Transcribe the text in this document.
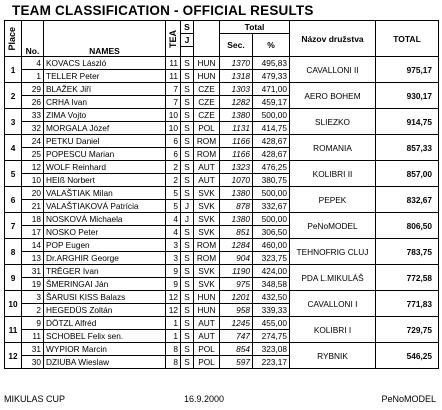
TEAM CLASSIFICATION - OFFICIAL RESULTS
Place	No.	NAMES	TEA	S		Total		Názov družstva	TOTAL
				J		Sec.	%		

1	4	KOVACS László	11	S	HUN	1370	495,83	CAVALLONI II	975,17
	1	TELLER Peter	11	S	HUN	1318	479,33		
2	29	BLAŽEK Jiří	7	S	CZE	1303	471,00	AERO BOHEM	930,17
	26	CRHA Ivan	7	S	CZE	1282	459,17		
3	33	ZIMA Vojto	10	S	CZE	1380	500,00	SLIEZKO	914,75
	32	MORGALA Józef	10	S	POL	1131	414,75		
4	24	PETKU Daniel	6	S	ROM	1166	428,67	ROMANIA	857,33
	25	POPESCU Marian	6	S	ROM	1166	428,67		
5	12	WOLF Reinhard	2	S	AUT	1323	476,25	KOLIBRI II	857,00
	10	HEIß Norbert	2	S	AUT	1070	380,75		
6	20	VALAŠTIAK Milan	5	S	SVK	1380	500,00	PEPEK	832,67
	21	VALAŠTIAKOVÁ Patrícia	5	J	SVK	878	332,67		
7	18	NOSKOVÁ Michaela	4	J	SVK	1380	500,00	PeNoMODEL	806,50
	17	NOSKO Peter	4	S	SVK	851	306,50		
8	14	POP Eugen	3	S	ROM	1284	460,00	TEHNOFRIG CLUJ	783,75
	13	Dr.ARGHIR George	3	S	ROM	904	323,75		
9	31	TRĚGER Ivan	9	S	SVK	1190	424,00	PDA L.MIKULÁŠ	772,58
	19	ŠMERINGAI Ján	9	S	SVK	975	348,58		
10	3	ŠARUSI KISS Balazs	12	S	HUN	1201	432,50	CAVALLONI I	771,83
	2	HEGEDÜS Zoltán	12	S	HUN	958	339,33		
11	9	DÖTZL Alfréd	1	S	AUT	1245	455,00	KOLIBRI I	729,75
	11	SCHOBEL Felix sen.	1	S	AUT	747	274,75		
12	31	WYPIOR Marcin	8	S	POL	854	323,08	RYBNIK	546,25
	30	DZIUBA Wieslaw	8	S	POL	597	223,17		
MIKULAS CUP	16.9.2000	PeNoMODEL
